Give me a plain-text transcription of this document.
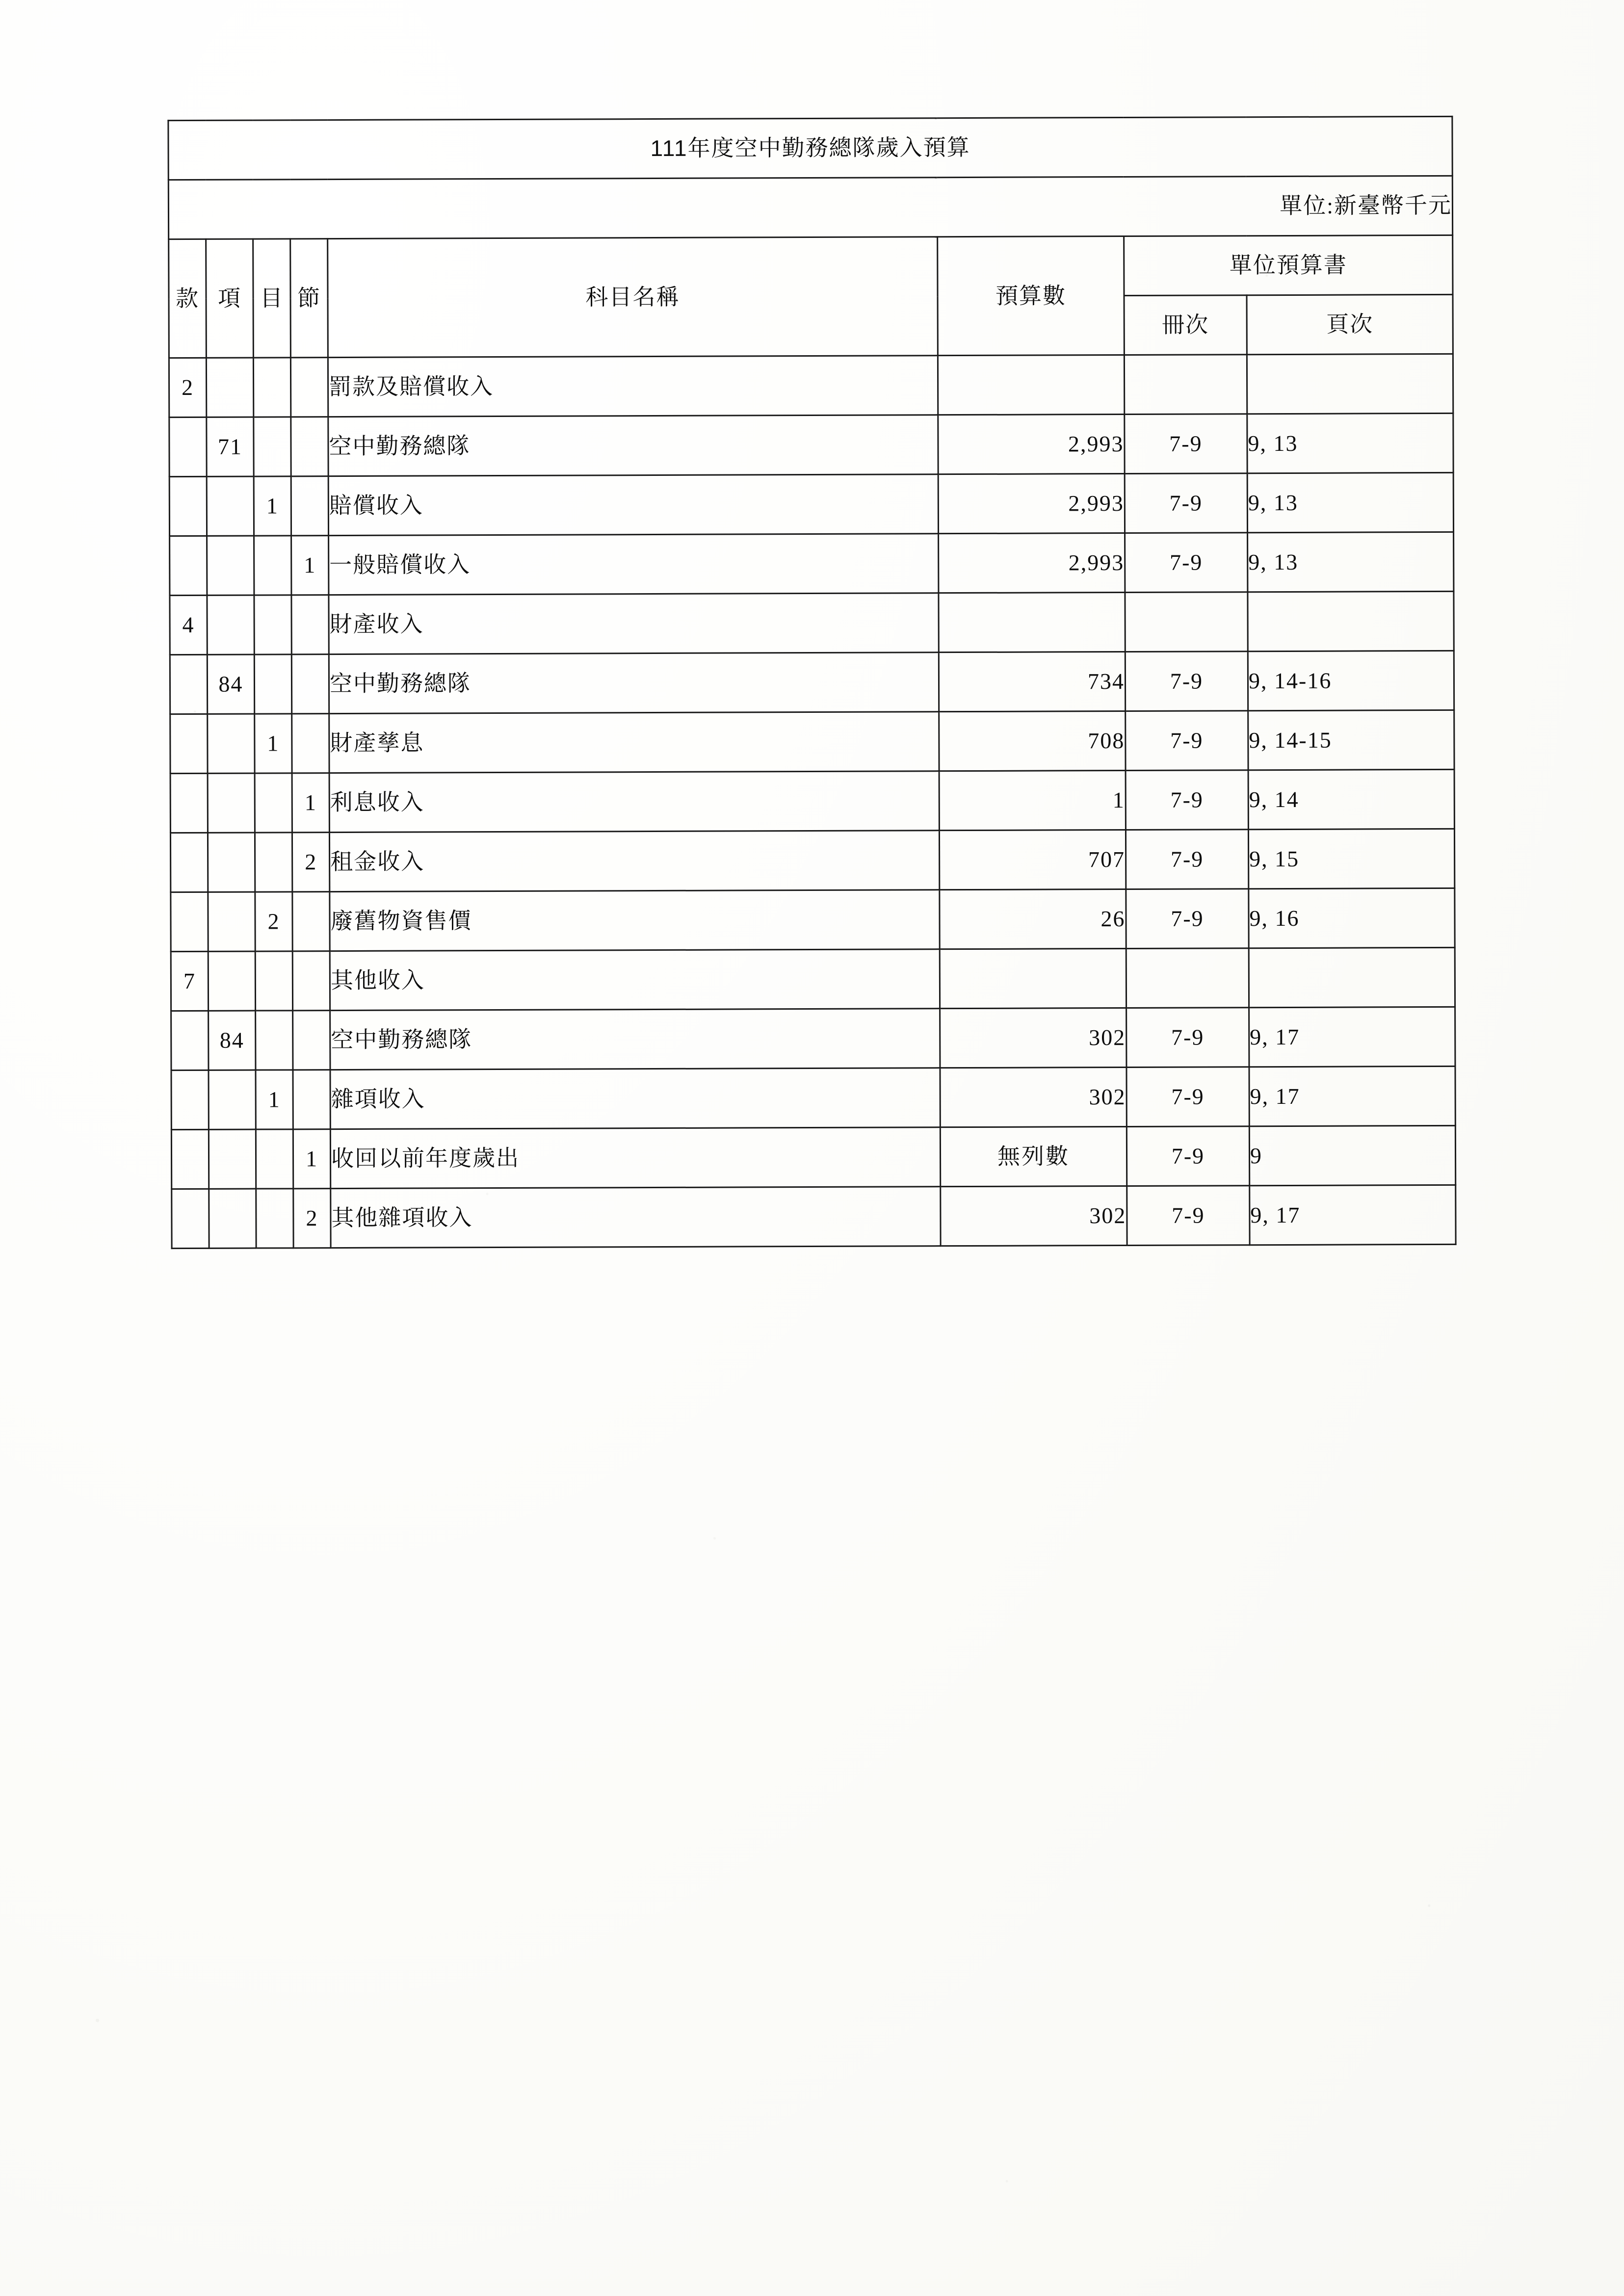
111年度空中勤務總隊歲入預算							
單位:新臺幣千元							
款	項	目	節	科目名稱	預算數	單位預算書	
						冊次	頁次
2				罰款及賠償收入			
	71			空中勤務總隊	2,993	7-9	9, 13
		1		賠償收入	2,993	7-9	9, 13
			1	一般賠償收入	2,993	7-9	9, 13
4				財產收入			
	84			空中勤務總隊	734	7-9	9, 14-16
		1		財產孳息	708	7-9	9, 14-15
			1	利息收入	1	7-9	9, 14
			2	租金收入	707	7-9	9, 15
		2		廢舊物資售價	26	7-9	9, 16
7				其他收入			
	84			空中勤務總隊	302	7-9	9, 17
		1		雜項收入	302	7-9	9, 17
			1	收回以前年度歲出	無列數	7-9	9
			2	其他雜項收入	302	7-9	9, 17
